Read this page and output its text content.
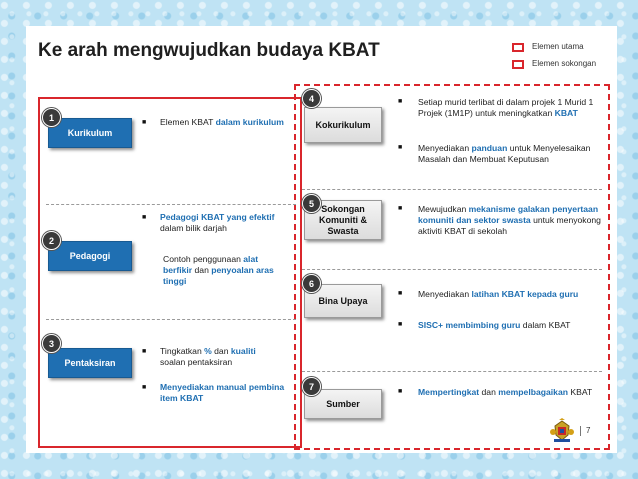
Ke arah mengwujudkan budaya KBAT	Elemen utama
Elemen sokongan
Kurikulum
1	■ Elemen KBAT dalam kurikulum
Pedagogi
2
■ Pedagogi KBAT yang efektif dalam bilik darjah
Contoh penggunaan alat berfikir dan penyoalan aras tinggi
Pentaksiran
3
■ Tingkatkan % dan kualiti soalan pentaksiran
■ Menyediakan manual pembina item KBAT
Kokurikulum
4	■ Setiap murid terlibat di dalam projek 1 Murid 1 Projek (1M1P) untuk meningkatkan KBAT
■ Menyediakan panduan untuk Menyelesaikan Masalah dan Membuat Keputusan
Sokongan Komuniti & Swasta
5	■ Mewujudkan mekanisme galakan penyertaan komuniti dan sektor swasta untuk menyokong aktiviti KBAT di sekolah
Bina Upaya
6
■ Menyediakan latihan KBAT kepada guru
■ SISC+ membimbing guru dalam KBAT
Sumber
7	■ Mempertingkat dan mempelbagaikan KBAT
7
